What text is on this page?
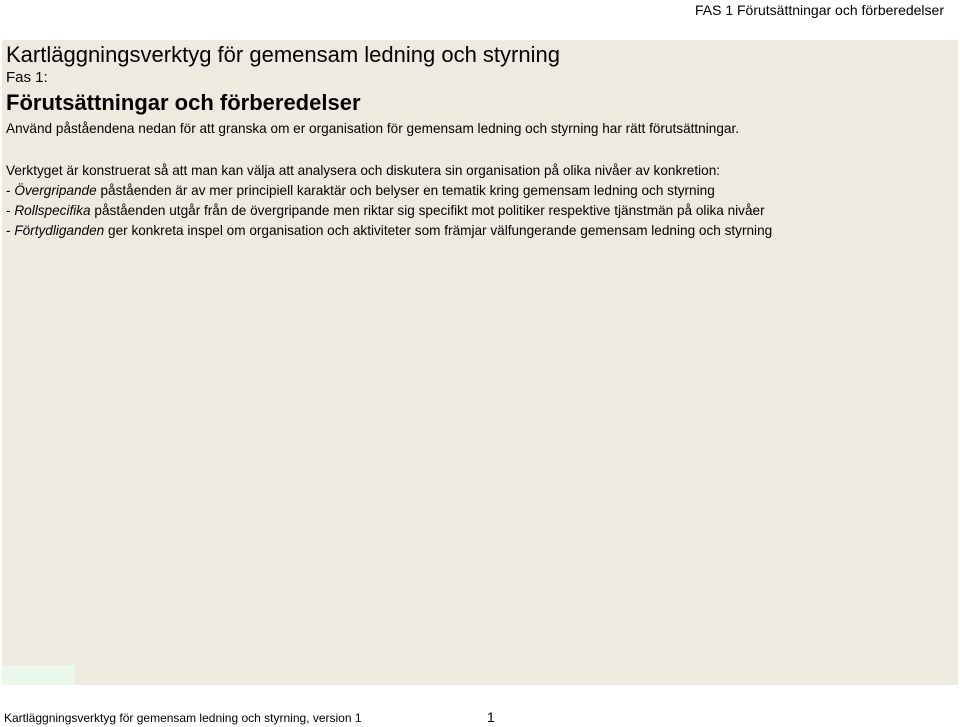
FAS 1 Förutsättningar och förberedelser
Kartläggningsverktyg för gemensam ledning och styrning
Fas 1:
Förutsättningar och förberedelser
Använd påståendena nedan för att granska om er organisation för gemensam ledning och styrning har rätt förutsättningar.
Verktyget är konstruerat så att man kan välja att analysera och diskutera sin organisation på olika nivåer av konkretion:
- Övergripande påståenden är av mer principiell karaktär och belyser en tematik kring gemensam ledning och styrning
- Rollspecifika påståenden utgår från de övergripande men riktar sig specifikt mot politiker respektive tjänstmän på olika nivåer
- Förtydliganden ger konkreta inspel om organisation och aktiviteter som främjar välfungerande gemensam ledning och styrning
Kartläggningsverktyg för gemensam ledning och styrning, version 1	1
